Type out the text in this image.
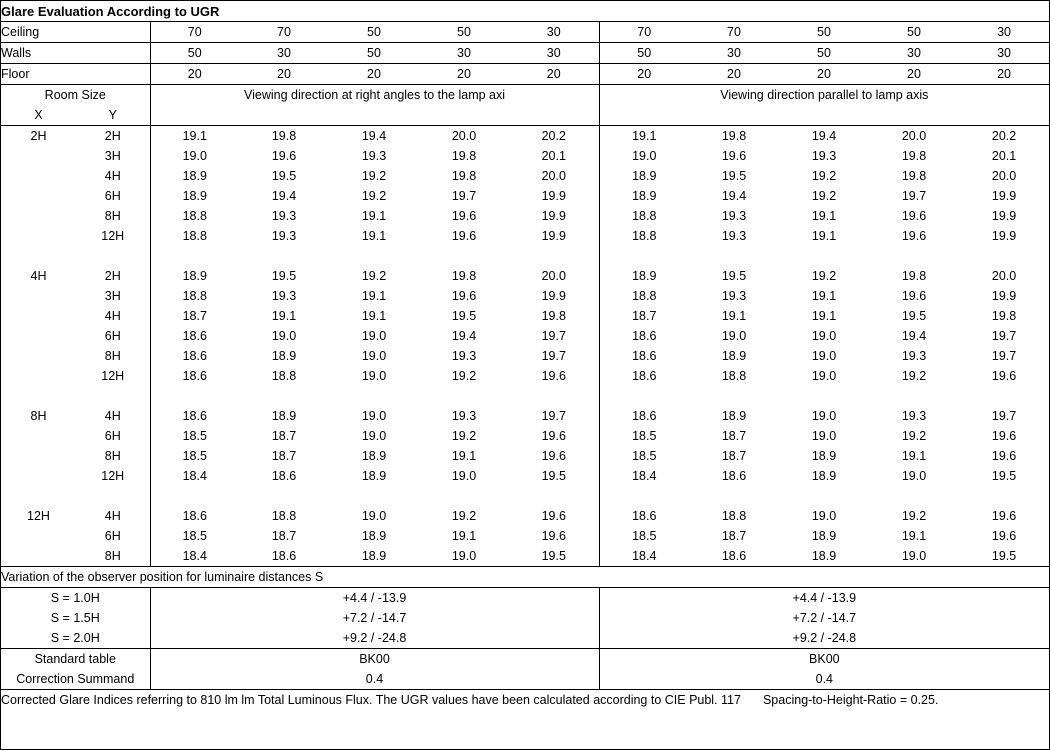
Glare Evaluation According to UGR											
Ceiling		70	70	50	50	30	70	70	50	50	30
Walls		50	30	50	30	30	50	30	50	30	30
Floor		20	20	20	20	20	20	20	20	20	20
Room Size		Viewing direction at right angles to the lamp axi					Viewing direction parallel to lamp axis				
X	Y										
2H	2H	19.1	19.8	19.4	20.0	20.2	19.1	19.8	19.4	20.0	20.2
	3H	19.0	19.6	19.3	19.8	20.1	19.0	19.6	19.3	19.8	20.1
	4H	18.9	19.5	19.2	19.8	20.0	18.9	19.5	19.2	19.8	20.0
	6H	18.9	19.4	19.2	19.7	19.9	18.9	19.4	19.2	19.7	19.9
	8H	18.8	19.3	19.1	19.6	19.9	18.8	19.3	19.1	19.6	19.9
	12H	18.8	19.3	19.1	19.6	19.9	18.8	19.3	19.1	19.6	19.9

4H	2H	18.9	19.5	19.2	19.8	20.0	18.9	19.5	19.2	19.8	20.0
	3H	18.8	19.3	19.1	19.6	19.9	18.8	19.3	19.1	19.6	19.9
	4H	18.7	19.1	19.1	19.5	19.8	18.7	19.1	19.1	19.5	19.8
	6H	18.6	19.0	19.0	19.4	19.7	18.6	19.0	19.0	19.4	19.7
	8H	18.6	18.9	19.0	19.3	19.7	18.6	18.9	19.0	19.3	19.7
	12H	18.6	18.8	19.0	19.2	19.6	18.6	18.8	19.0	19.2	19.6

8H	4H	18.6	18.9	19.0	19.3	19.7	18.6	18.9	19.0	19.3	19.7
	6H	18.5	18.7	19.0	19.2	19.6	18.5	18.7	19.0	19.2	19.6
	8H	18.5	18.7	18.9	19.1	19.6	18.5	18.7	18.9	19.1	19.6
	12H	18.4	18.6	18.9	19.0	19.5	18.4	18.6	18.9	19.0	19.5

12H	4H	18.6	18.8	19.0	19.2	19.6	18.6	18.8	19.0	19.2	19.6
	6H	18.5	18.7	18.9	19.1	19.6	18.5	18.7	18.9	19.1	19.6
	8H	18.4	18.6	18.9	19.0	19.5	18.4	18.6	18.9	19.0	19.5
Variation of the observer position for luminaire distances S											
S = 1.0H		+4.4 / -13.9					+4.4 / -13.9				
S = 1.5H		+7.2 / -14.7					+7.2 / -14.7				
S = 2.0H		+9.2 / -24.8					+9.2 / -24.8				
Standard table		BK00					BK00				
Correction Summand		0.4					0.4				
Corrected Glare Indices referring to 810 lm lm Total Luminous Flux. The UGR values have been calculated according to CIE Publ. 117 Spacing-to-Height-Ratio = 0.25.											
